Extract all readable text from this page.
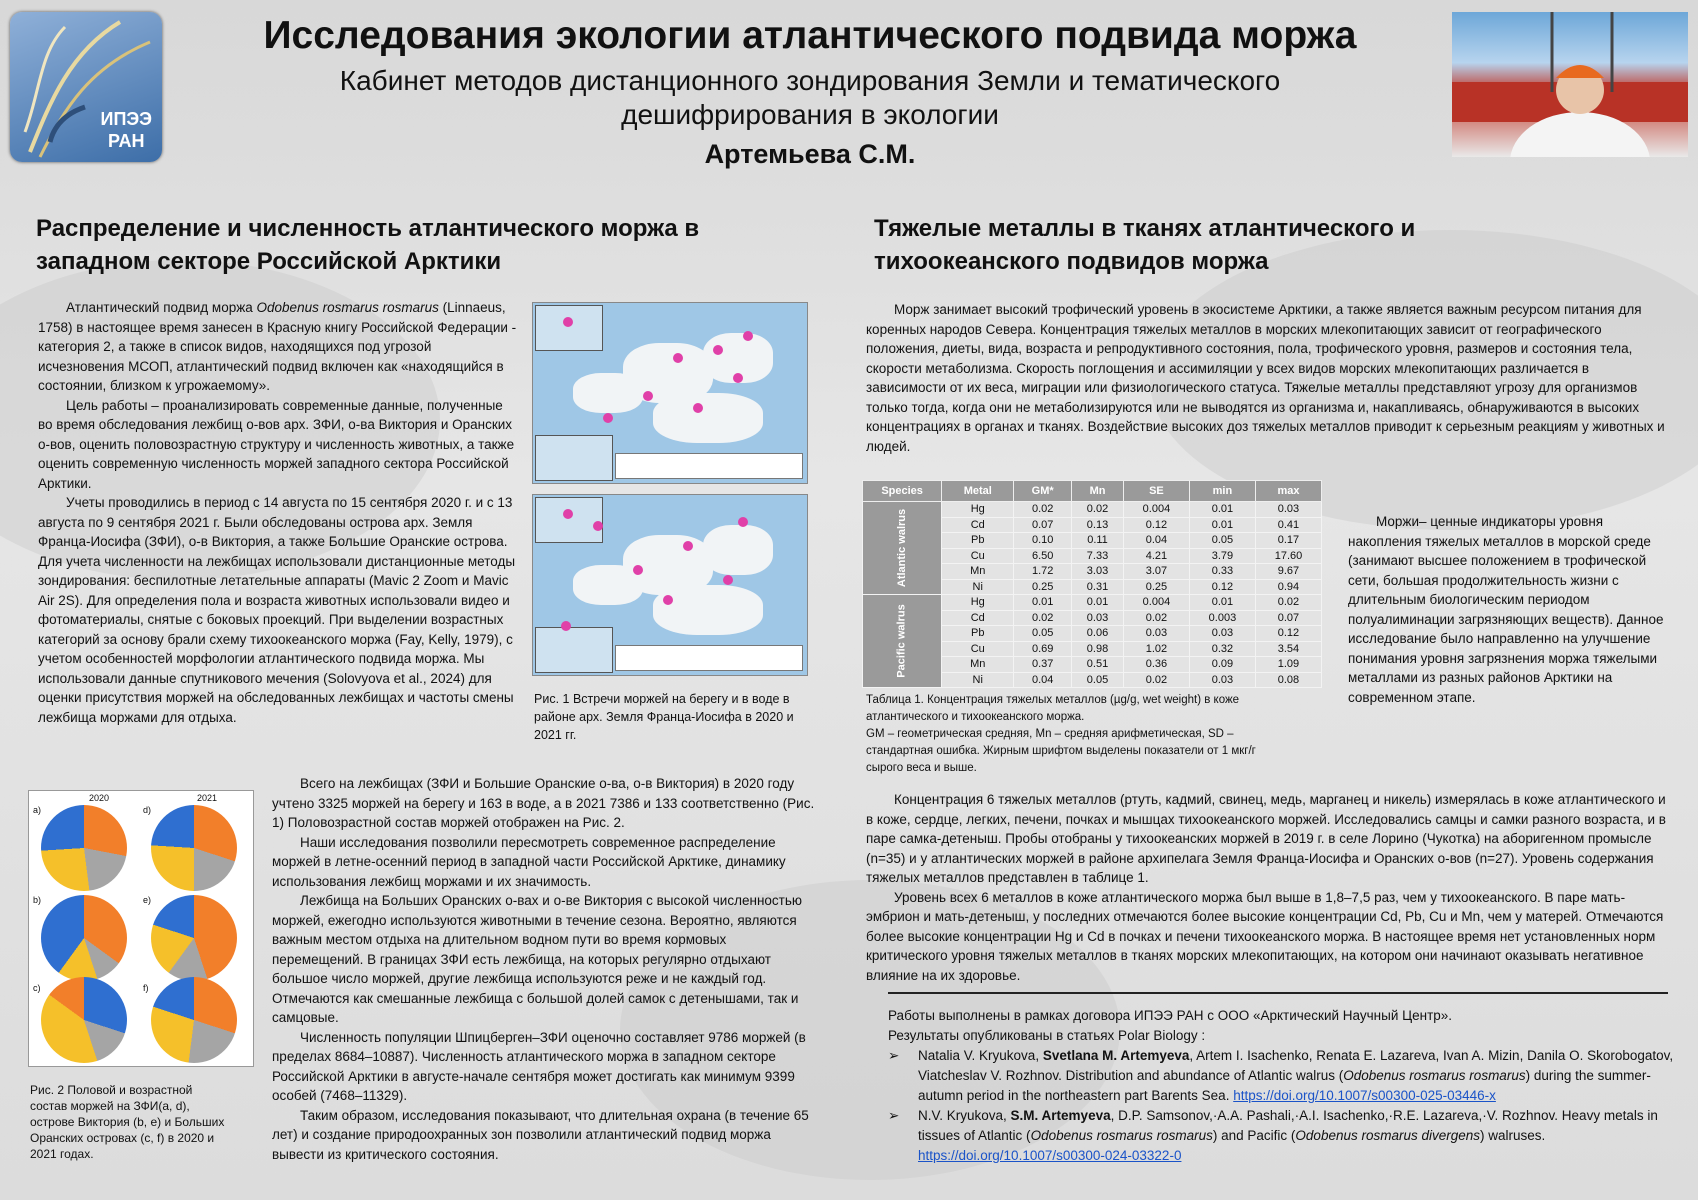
ИПЭЭ
РАН
Исследования экологии атлантического подвида моржа
Кабинет методов дистанционного зондирования Земли и тематического
дешифрирования в экологии
Артемьева С.М.
Распределение и численность атлантического моржа в
западном секторе Российской Арктики

Атлантический подвид моржа Odobenus rosmarus rosmarus (Linnaeus, 1758) в настоящее время занесен в Красную книгу Российской Федерации - категория 2, а также в список видов, находящихся под угрозой исчезновения МСОП, атлантический подвид включен как «находящийся в состоянии, близком к угрожаемому».

Цель работы – проанализировать современные данные, полученные во время обследования лежбищ о-вов арх. ЗФИ, о-ва Виктория и Оранских о-вов, оценить половозрастную структуру и численность животных, а также оценить современную численность моржей западного сектора Российской Арктики.

Учеты проводились в период с 14 августа по 15 сентября 2020 г. и с 13 августа по 9 сентября 2021 г. Были обследованы острова арх. Земля Франца-Иосифа (ЗФИ), о-в Виктория, а также Большие Оранские острова. Для учета численности на лежбищах использовали дистанционные методы зондирования: беспилотные летательные аппараты (Mavic 2 Zoom и Mavic Air 2S). Для определения пола и возраста животных использовали видео и фотоматериалы, снятые с боковых проекций. При выделении возрастных категорий за основу брали схему тихоокеанского моржа (Fay, Kelly, 1979), с учетом особенностей морфологии атлантического подвида моржа. Мы использовали данные спутникового мечения (Solovyova et al., 2024) для оценки присутствия моржей на обследованных лежбищах и частоты смены лежбища моржами для отдыха.

Рис. 1 Встречи моржей на берегу и в воде в районе арх. Земля Франца-Иосифа в 2020 и 2021 гг.
2020	2021
a)	d)
b)	e)
c)	f)
Рис. 2 Половой и возрастной состав моржей на ЗФИ(a, d), острове Виктория (b, e) и Больших Оранских островах (c, f) в 2020 и 2021 годах.

Всего на лежбищах (ЗФИ и Большие Оранские о-ва, о-в Виктория) в 2020 году учтено 3325 моржей на берегу и 163 в воде, а в 2021 7386 и 133 соответственно (Рис. 1) Половозрастной состав моржей отображен на Рис. 2.

Наши исследования позволили пересмотреть современное распределение моржей в летне-осенний период в западной части Российской Арктике, динамику использования лежбищ моржами и их значимость.

Лежбища на Больших Оранских о-вах и о-ве Виктория с высокой численностью моржей, ежегодно используются животными в течение сезона. Вероятно, являются важным местом отдыха на длительном водном пути во время кормовых перемещений. В границах ЗФИ есть лежбища, на которых регулярно отдыхают большое число моржей, другие лежбища используются реже и не каждый год. Отмечаются как смешанные лежбища с большой долей самок с детенышами, так и самцовые.

Численность популяции Шпицберген–ЗФИ оценочно составляет 9786 моржей (в пределах 8684–10887). Численность атлантического моржа в западном секторе Российской Арктики в августе-начале сентября может достигать как минимум 9399 особей (7468–11329).

Таким образом, исследования показывают, что длительная охрана (в течение 65 лет) и создание природоохранных зон позволили атлантический подвид моржа вывести из критического состояния.

Тяжелые металлы в тканях атлантического и
тихоокеанского подвидов моржа

Морж занимает высокий трофический уровень в экосистеме Арктики, а также является важным ресурсом питания для коренных народов Севера. Концентрация тяжелых металлов в морских млекопитающих зависит от географического положения, диеты, вида, возраста и репродуктивного состояния, пола, трофического уровня, размеров и состояния тела, скорости метаболизма. Скорость поглощения и ассимиляции у всех видов морских млекопитающих различается в зависимости от их веса, миграции или физиологического статуса. Тяжелые металлы представляют угрозу для организмов только тогда, когда они не метаболизируются или не выводятся из организма и, накапливаясь, обнаруживаются в высоких концентрациях в органах и тканях. Воздействие высоких доз тяжелых металлов приводит к серьезным реакциям у животных и людей.

Species	Metal	GM*	Mn	SE	min	max
Atlantic walrus	Hg	0.02	0.02	0.004	0.01	0.03
	Cd	0.07	0.13	0.12	0.01	0.41
	Pb	0.10	0.11	0.04	0.05	0.17
	Cu	6.50	7.33	4.21	3.79	17.60
	Mn	1.72	3.03	3.07	0.33	9.67
	Ni	0.25	0.31	0.25	0.12	0.94
Pacific walrus	Hg	0.01	0.01	0.004	0.01	0.02
	Cd	0.02	0.03	0.02	0.003	0.07
	Pb	0.05	0.06	0.03	0.03	0.12
	Cu	0.69	0.98	1.02	0.32	3.54
	Mn	0.37	0.51	0.36	0.09	1.09
	Ni	0.04	0.05	0.02	0.03	0.08
Таблица 1. Концентрация тяжелых металлов (µg/g, wet weight) в коже атлантического и тихоокеанского моржа.
GM – геометрическая средняя, Mn – средняя арифметическая, SD – стандартная ошибка. Жирным шрифтом выделены показатели от 1 мкг/г сырого веса и выше.

Моржи– ценные индикаторы уровня накопления тяжелых металлов в морской среде (занимают высшее положением в трофической сети, большая продолжительность жизни с длительным биологическим периодом полуалиминации загрязняющих веществ). Данное исследование было направленно на улучшение понимания уровня загрязнения моржа тяжелыми металлами из разных районов Арктики на современном этапе.

Концентрация 6 тяжелых металлов (ртуть, кадмий, свинец, медь, марганец и никель) измерялась в коже атлантического и в коже, сердце, легких, печени, почках и мышцах тихоокеанского моржей. Исследовались самцы и самки разного возраста, и в паре самка-детеныш. Пробы отобраны у тихоокеанских моржей в 2019 г. в селе Лорино (Чукотка) на аборигенном промысле (n=35) и у атлантических моржей в районе архипелага Земля Франца-Иосифа и Оранских о-вов (n=27). Уровень содержания тяжелых металлов представлен в таблице 1.

Уровень всех 6 металлов в коже атлантического моржа был выше в 1,8–7,5 раз, чем у тихоокеанского. В паре мать-эмбрион и мать-детеныш, у последних отмечаются более высокие концентрации Cd, Pb, Cu и Mn, чем у матерей. Отмечаются более высокие концентрации Hg и Cd в почках и печени тихоокеанского моржа. В настоящее время нет установленных норм критического уровня тяжелых металлов в тканях морских млекопитающих, на котором они начинают оказывать негативное влияние на их здоровье.

Работы выполнены в рамках договора ИПЭЭ РАН с ООО «Арктический Научный Центр».

Результаты опубликованы в статьях Polar Biology :

➢ Natalia V. Kryukova, Svetlana M. Artemyeva, Artem I. Isachenko, Renata E. Lazareva, Ivan A. Mizin, Danila O. Skorobogatov, Viatcheslav V. Rozhnov. Distribution and abundance of Atlantic walrus (Odobenus rosmarus rosmarus) during the summer-autumn period in the northeastern part Barents Sea. https://doi.org/10.1007/s00300-025-03446-x

➢ N.V. Kryukova, S.M. Artemyeva, D.P. Samsonov,·A.A. Pashali,·A.I. Isachenko,·R.E. Lazareva,·V. Rozhnov. Heavy metals in tissues of Atlantic (Odobenus rosmarus rosmarus) and Pacific (Odobenus rosmarus divergens) walruses.
https://doi.org/10.1007/s00300-024-03322-0
